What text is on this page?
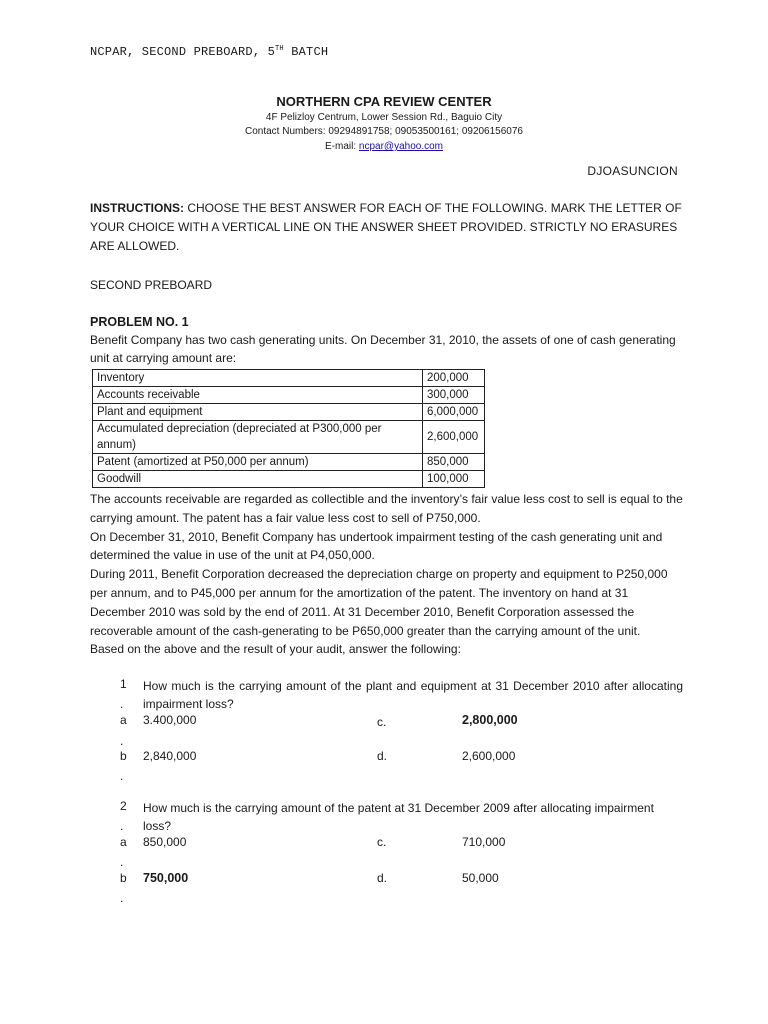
NCPAR, SECOND PREBOARD, 5TH BATCH
NORTHERN CPA REVIEW CENTER
4F Pelizloy Centrum, Lower Session Rd., Baguio City
Contact Numbers: 09294891758; 09053500161; 09206156076
E-mail: ncpar@yahoo.com
DJOASUNCION
INSTRUCTIONS: CHOOSE THE BEST ANSWER FOR EACH OF THE FOLLOWING. MARK THE LETTER OF YOUR CHOICE WITH A VERTICAL LINE ON THE ANSWER SHEET PROVIDED. STRICTLY NO ERASURES ARE ALLOWED.
SECOND PREBOARD
PROBLEM NO. 1
Benefit Company has two cash generating units. On December 31, 2010, the assets of one of cash generating unit at carrying amount are:
Inventory	200,000
Accounts receivable	300,000
Plant and equipment	6,000,000
Accumulated depreciation (depreciated at P300,000 per annum)	2,600,000
Patent (amortized at P50,000 per annum)	850,000
Goodwill	100,000
The accounts receivable are regarded as collectible and the inventory’s fair value less cost to sell is equal to the carrying amount. The patent has a fair value less cost to sell of P750,000.
On December 31, 2010, Benefit Company has undertook impairment testing of the cash generating unit and determined the value in use of the unit at P4,050,000.
During 2011, Benefit Corporation decreased the depreciation charge on property and equipment to P250,000 per annum, and to P45,000 per annum for the amortization of the patent. The inventory on hand at 31 December 2010 was sold by the end of 2011. At 31 December 2010, Benefit Corporation assessed the recoverable amount of the cash-generating to be P650,000 greater than the carrying amount of the unit.
Based on the above and the result of your audit, answer the following:
1
.
How much is the carrying amount of the plant and equipment at 31 December 2010 after allocating impairment loss?
a
.
3.400,000	c.	2,800,000
b
.
2,840,000	d.	2,600,000
2
.
How much is the carrying amount of the patent at 31 December 2009 after allocating impairment loss?
a
.
850,000	c.	710,000
b
.
750,000	d.	50,000
